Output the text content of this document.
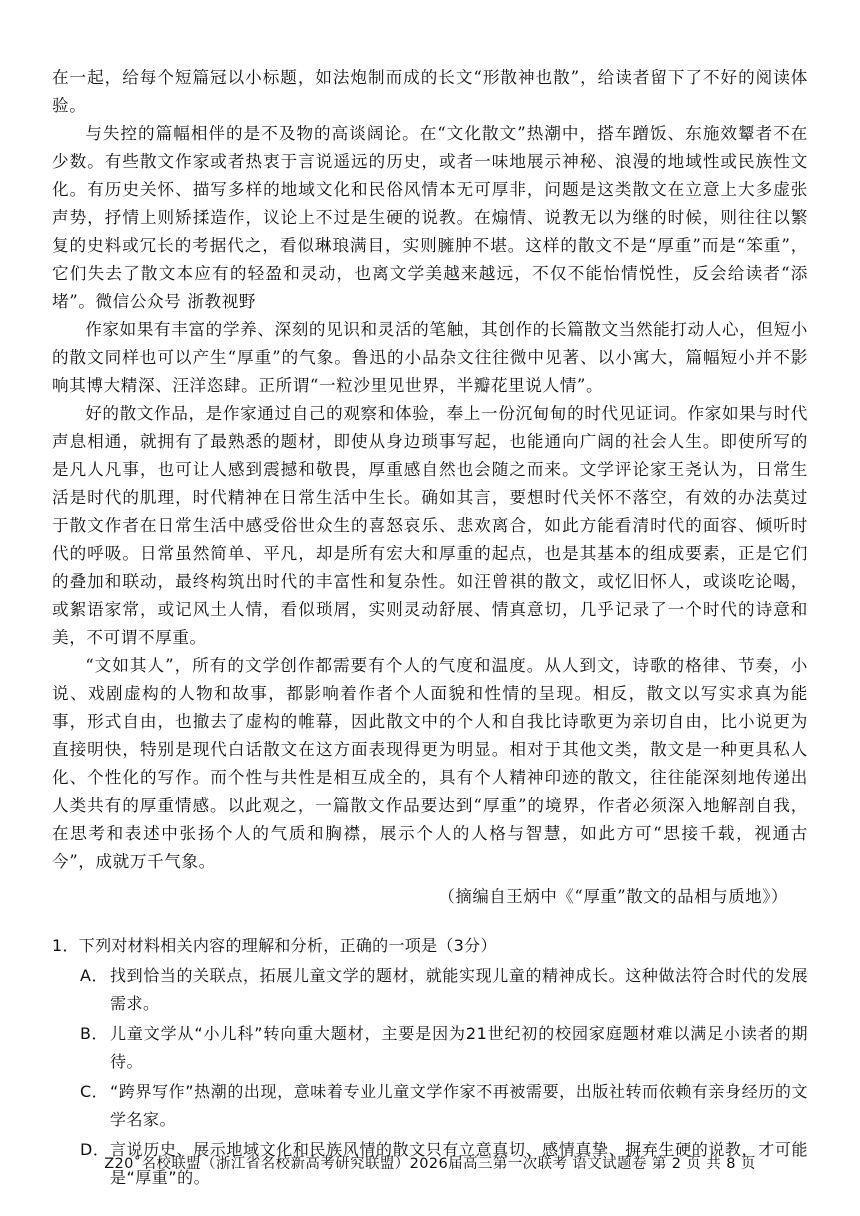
在一起，给每个短篇冠以小标题，如法炮制而成的长文“形散神也散”，给读者留下了不好的阅读体验。

与失控的篇幅相伴的是不及物的高谈阔论。在“文化散文”热潮中，搭车蹭饭、东施效颦者不在少数。有些散文作家或者热衷于言说遥远的历史，或者一味地展示神秘、浪漫的地域性或民族性文化。有历史关怀、描写多样的地域文化和民俗风情本无可厚非，问题是这类散文在立意上大多虚张声势，抒情上则矫揉造作，议论上不过是生硬的说教。在煽情、说教无以为继的时候，则往往以繁复的史料或冗长的考据代之，看似琳琅满目，实则臃肿不堪。这样的散文不是“厚重”而是“笨重”，它们失去了散文本应有的轻盈和灵动，也离文学美越来越远，不仅不能怡情悦性，反会给读者“添堵”。微信公众号 浙教视野

作家如果有丰富的学养、深刻的见识和灵活的笔触，其创作的长篇散文当然能打动人心，但短小的散文同样也可以产生“厚重”的气象。鲁迅的小品杂文往往微中见著、以小寓大，篇幅短小并不影响其博大精深、汪洋恣肆。正所谓“一粒沙里见世界，半瓣花里说人情”。

好的散文作品，是作家通过自己的观察和体验，奉上一份沉甸甸的时代见证词。作家如果与时代声息相通，就拥有了最熟悉的题材，即使从身边琐事写起，也能通向广阔的社会人生。即使所写的是凡人凡事，也可让人感到震撼和敬畏，厚重感自然也会随之而来。文学评论家王尧认为，日常生活是时代的肌理，时代精神在日常生活中生长。确如其言，要想时代关怀不落空，有效的办法莫过于散文作者在日常生活中感受俗世众生的喜怒哀乐、悲欢离合，如此方能看清时代的面容、倾听时代的呼吸。日常虽然简单、平凡，却是所有宏大和厚重的起点，也是其基本的组成要素，正是它们的叠加和联动，最终构筑出时代的丰富性和复杂性。如汪曾祺的散文，或忆旧怀人，或谈吃论喝，或絮语家常，或记风土人情，看似琐屑，实则灵动舒展、情真意切，几乎记录了一个时代的诗意和美，不可谓不厚重。

“文如其人”，所有的文学创作都需要有个人的气度和温度。从人到文，诗歌的格律、节奏，小说、戏剧虚构的人物和故事，都影响着作者个人面貌和性情的呈现。相反，散文以写实求真为能事，形式自由，也撤去了虚构的帷幕，因此散文中的个人和自我比诗歌更为亲切自由，比小说更为直接明快，特别是现代白话散文在这方面表现得更为明显。相对于其他文类，散文是一种更具私人化、个性化的写作。而个性与共性是相互成全的，具有个人精神印迹的散文，往往能深刻地传递出人类共有的厚重情感。以此观之，一篇散文作品要达到“厚重”的境界，作者必须深入地解剖自我，在思考和表述中张扬个人的气质和胸襟，展示个人的人格与智慧，如此方可“思接千载，视通古今”，成就万千气象。

（摘编自王炳中《“厚重”散文的品相与质地》）

1．下列对材料相关内容的理解和分析，正确的一项是（3分）

A． 找到恰当的关联点，拓展儿童文学的题材，就能实现儿童的精神成长。这种做法符合时代的发展需求。
B． 儿童文学从“小儿科”转向重大题材，主要是因为21世纪初的校园家庭题材难以满足小读者的期待。
C． “跨界写作”热潮的出现，意味着专业儿童文学作家不再被需要，出版社转而依赖有亲身经历的文学名家。
D． 言说历史、展示地域文化和民族风情的散文只有立意真切、感情真挚、摒弃生硬的说教，才可能是“厚重”的。
Z20˚名校联盟（浙江省名校新高考研究联盟）2026届高三第一次联考 语文试题卷 第 2 页 共 8 页
